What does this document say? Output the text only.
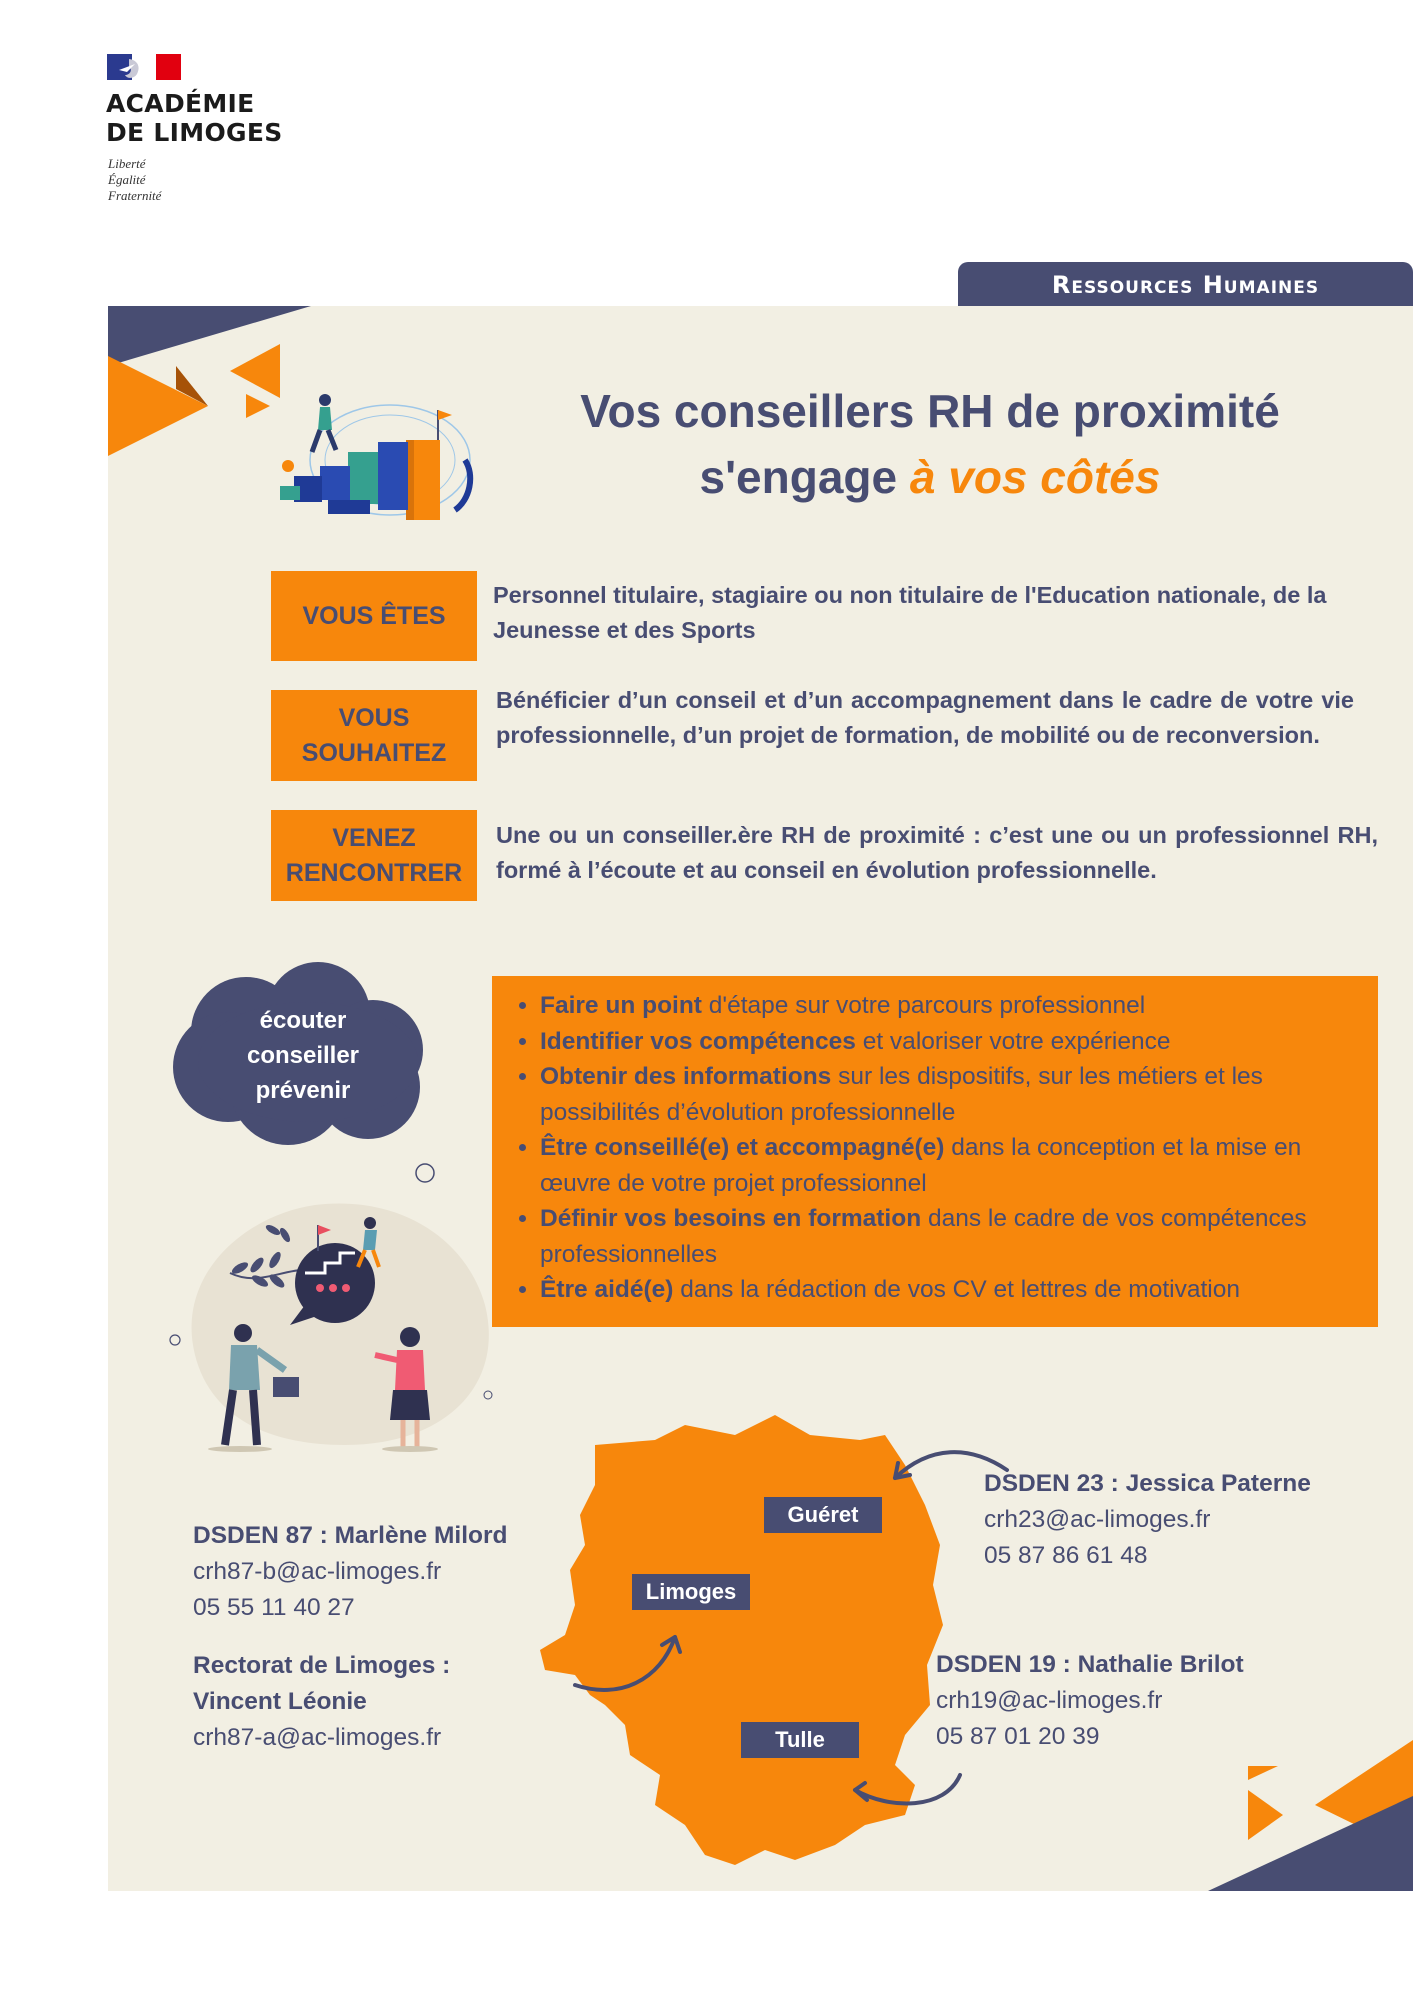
ACADÉMIE
DE LIMOGES
Liberté
Égalité
Fraternité
Ressources Humaines
Vos conseillers RH de proximité
s'engage à vos côtés
VOUS ÊTES
Personnel titulaire, stagiaire ou non titulaire de l'Education nationale, de la Jeunesse et des Sports
VOUS SOUHAITEZ
Bénéficier d’un conseil et d’un accompagnement dans le cadre de votre vie professionnelle, d’un projet de formation, de mobilité ou de reconversion.
VENEZ RENCONTRER
Une ou un conseiller.ère RH de proximité : c’est une ou un professionnel RH, formé à l’écoute et au conseil en évolution professionnelle.
écouter
conseiller
prévenir
• Faire un point d'étape sur votre parcours professionnel
• Identifier vos compétences et valoriser votre expérience
• Obtenir des informations sur les dispositifs, sur les métiers et les possibilités d’évolution professionnelle
• Être conseillé(e) et accompagné(e) dans la conception et la mise en œuvre de votre projet professionnel
• Définir vos besoins en formation dans le cadre de vos compétences professionnelles
• Être aidé(e) dans la rédaction de vos CV et lettres de motivation
Guéret
Limoges
Tulle
DSDEN 87 : Marlène Milord
crh87-b@ac-limoges.fr
05 55 11 40 27
Rectorat de Limoges :
Vincent Léonie
crh87-a@ac-limoges.fr
DSDEN 23 : Jessica Paterne
crh23@ac-limoges.fr
05 87 86 61 48
DSDEN 19 : Nathalie Brilot
crh19@ac-limoges.fr
05 87 01 20 39
